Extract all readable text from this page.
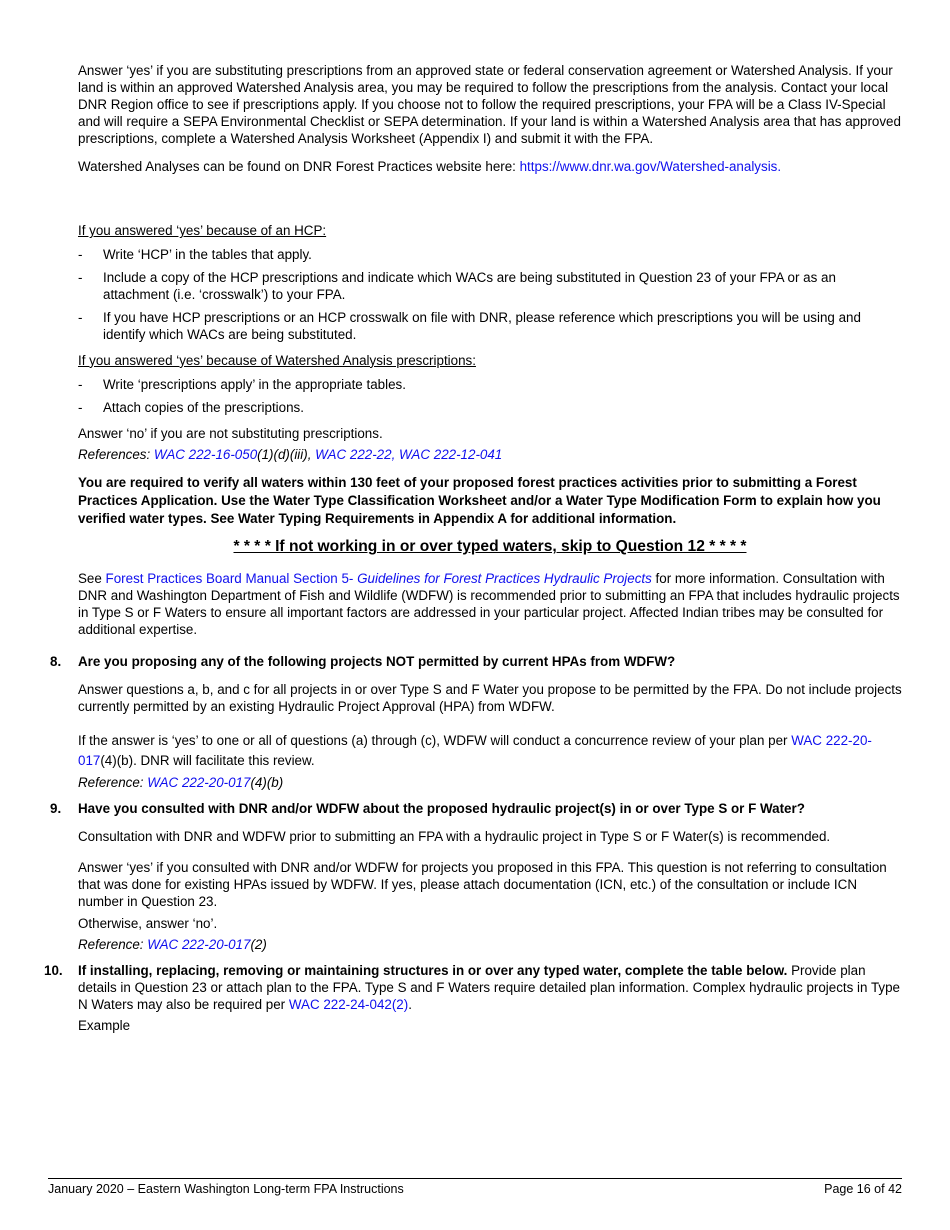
Answer ‘yes’ if you are substituting prescriptions from an approved state or federal conservation agreement or Watershed Analysis. If your land is within an approved Watershed Analysis area, you may be required to follow the prescriptions from the analysis. Contact your local DNR Region office to see if prescriptions apply. If you choose not to follow the required prescriptions, your FPA will be a Class IV-Special and will require a SEPA Environmental Checklist or SEPA determination. If your land is within a Watershed Analysis area that has approved prescriptions, complete a Watershed Analysis Worksheet (Appendix I) and submit it with the FPA.

Watershed Analyses can be found on DNR Forest Practices website here: https://www.dnr.wa.gov/Watershed-analysis.

If you answered ‘yes’ because of an HCP:

- Write ‘HCP’ in the tables that apply.
- Include a copy of the HCP prescriptions and indicate which WACs are being substituted in Question 23 of your FPA or as an attachment (i.e. ‘crosswalk’) to your FPA.
- If you have HCP prescriptions or an HCP crosswalk on file with DNR, please reference which prescriptions you will be using and identify which WACs are being substituted.

If you answered ‘yes’ because of Watershed Analysis prescriptions:

- Write ‘prescriptions apply’ in the appropriate tables.
- Attach copies of the prescriptions.

Answer ‘no’ if you are not substituting prescriptions.

References: WAC 222-16-050(1)(d)(iii), WAC 222-22, WAC 222-12-041

You are required to verify all waters within 130 feet of your proposed forest practices activities prior to submitting a Forest Practices Application. Use the Water Type Classification Worksheet and/or a Water Type Modification Form to explain how you verified water types. See Water Typing Requirements in Appendix A for additional information.

* * * * If not working in or over typed waters, skip to Question 12 * * * *

See Forest Practices Board Manual Section 5- Guidelines for Forest Practices Hydraulic Projects for more information. Consultation with DNR and Washington Department of Fish and Wildlife (WDFW) is recommended prior to submitting an FPA that includes hydraulic projects in Type S or F Waters to ensure all important factors are addressed in your particular project. Affected Indian tribes may be consulted for additional expertise.

8. Are you proposing any of the following projects NOT permitted by current HPAs from WDFW?

Answer questions a, b, and c for all projects in or over Type S and F Water you propose to be permitted by the FPA. Do not include projects currently permitted by an existing Hydraulic Project Approval (HPA) from WDFW.

If the answer is ‘yes’ to one or all of questions (a) through (c), WDFW will conduct a concurrence review of your plan per WAC 222-20-017(4)(b). DNR will facilitate this review.

Reference: WAC 222-20-017(4)(b)

9. Have you consulted with DNR and/or WDFW about the proposed hydraulic project(s) in or over Type S or F Water?

Consultation with DNR and WDFW prior to submitting an FPA with a hydraulic project in Type S or F Water(s) is recommended.

Answer ‘yes’ if you consulted with DNR and/or WDFW for projects you proposed in this FPA. This question is not referring to consultation that was done for existing HPAs issued by WDFW. If yes, please attach documentation (ICN, etc.) of the consultation or include ICN number in Question 23.

Otherwise, answer ‘no’.

Reference: WAC 222-20-017(2)

10. If installing, replacing, removing or maintaining structures in or over any typed water, complete the table below. Provide plan details in Question 23 or attach plan to the FPA. Type S and F Waters require detailed plan information. Complex hydraulic projects in Type N Waters may also be required per WAC 222-24-042(2).

Example

January 2020 – Eastern Washington Long-term FPA Instructions	Page 16 of 42
